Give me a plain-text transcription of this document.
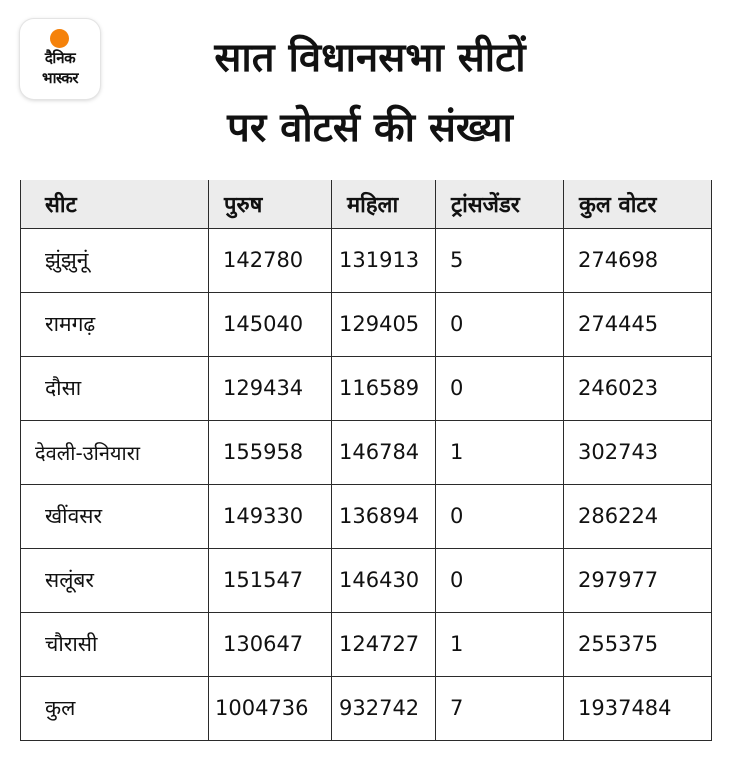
दैनिक
भास्कर	सात विधानसभा सीटों
पर वोटर्स की संख्या
सीट	पुरुष	महिला	ट्रांसजेंडर	कुल वोटर
झुंझुनूं	142780	131913	5	274698
रामगढ़	145040	129405	0	274445
दौसा	129434	116589	0	246023
देवली-उनियारा	155958	146784	1	302743
खींवसर	149330	136894	0	286224
सलूंबर	151547	146430	0	297977
चौरासी	130647	124727	1	255375
कुल	1004736	932742	7	1937484
